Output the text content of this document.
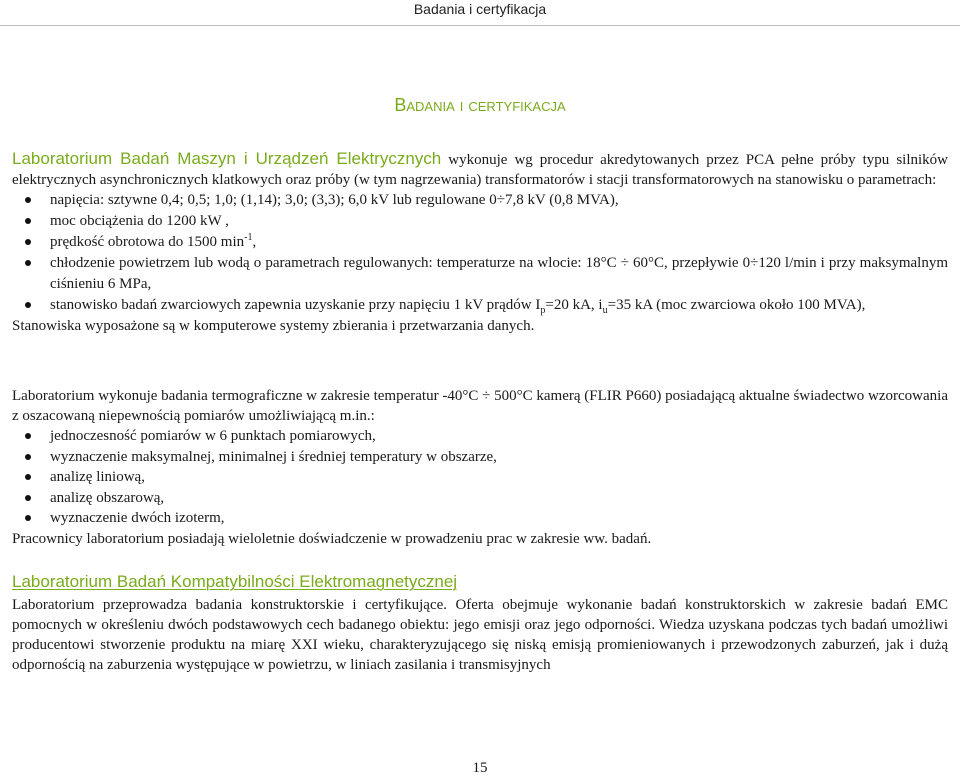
Badania i certyfikacja
Badania i certyfikacja

Laboratorium Badań Maszyn i Urządzeń Elektrycznych wykonuje wg procedur akredytowanych przez PCA pełne próby typu silników elektrycznych asynchronicznych klatkowych oraz próby (w tym nagrzewania) transformatorów i stacji transformatorowych na stanowisku o parametrach:

napięcia: sztywne 0,4; 0,5; 1,0; (1,14); 3,0; (3,3); 6,0 kV lub regulowane 0÷7,8 kV (0,8 MVA),
moc obciążenia do 1200 kW ,
prędkość obrotowa do 1500 $\min^{-1}$,
chłodzenie powietrzem lub wodą o parametrach regulowanych: temperaturze na wlocie: 18°C ÷ 60°C, przepływie 0÷120 l/min i przy maksymalnym ciśnieniu 6 MPa,
stanowisko badań zwarciowych zapewnia uzyskanie przy napięciu 1 kV prądów $I_p=20$ kA, $i_u=35$ kA (moc zwarciowa około 100 MVA),

Stanowiska wyposażone są w komputerowe systemy zbierania i przetwarzania danych.

Laboratorium wykonuje badania termograficzne w zakresie temperatur -40°C ÷ 500°C kamerą (FLIR P660) posiadającą aktualne świadectwo wzorcowania z oszacowaną niepewnością pomiarów umożliwiającą m.in.:

jednoczesność pomiarów w 6 punktach pomiarowych,
wyznaczenie maksymalnej, minimalnej i średniej temperatury w obszarze,
analizę liniową,
analizę obszarową,
wyznaczenie dwóch izoterm,

Pracownicy laboratorium posiadają wieloletnie doświadczenie w prowadzeniu prac w zakresie ww. badań.

Laboratorium Badań Kompatybilności Elektromagnetycznej

Laboratorium przeprowadza badania konstruktorskie i certyfikujące. Oferta obejmuje wykonanie badań konstruktorskich w zakresie badań EMC pomocnych w określeniu dwóch podstawowych cech badanego obiektu: jego emisji oraz jego odporności. Wiedza uzyskana podczas tych badań umożliwi producentowi stworzenie produktu na miarę XXI wieku, charakteryzującego się niską emisją promieniowanych i przewodzonych zaburzeń, jak i dużą odpornością na zaburzenia występujące w powietrzu, w liniach zasilania i transmisyjnych

15
